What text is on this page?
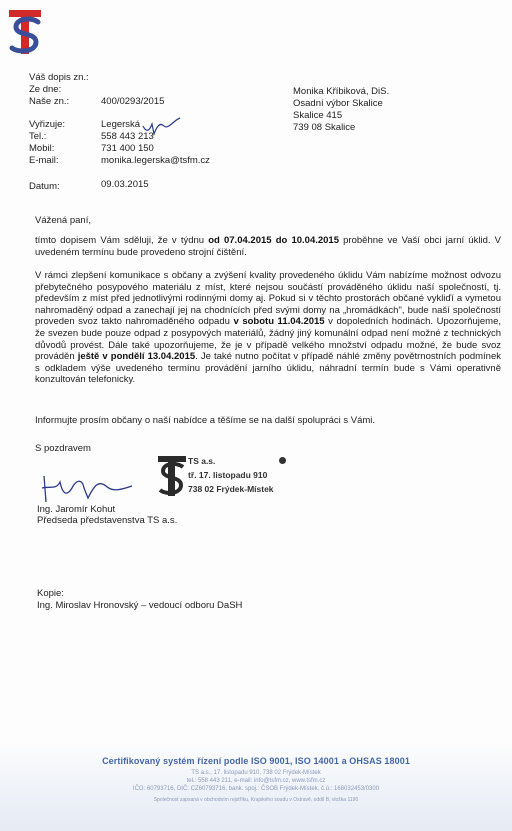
Váš dopis zn.:
Ze dne:
Naše zn.:	400/0293/2015
Vyřizuje:	Legerská
Tel.:	558 443 213
Mobil:	731 400 150
E-mail:	monika.legerska@tsfm.cz
Datum:	09.03.2015
Monika Kříbiková, DiS.
Osadní výbor Skalice
Skalice 415
739 08 Skalice
Vážená paní,
tímto dopisem Vám sděluji, že v týdnu od 07.04.2015 do 10.04.2015 proběhne ve Vaší obci jarní úklid. V uvedeném termínu bude provedeno strojní čištění.
V rámci zlepšení komunikace s občany a zvýšení kvality provedeného úklidu Vám nabízíme možnost odvozu přebytečného posypového materiálu z míst, které nejsou součástí prováděného úklidu naší společností, tj. především z míst před jednotlivými rodinnými domy aj. Pokud si v těchto prostorách občané vykliďí a vymetou nahromaděný odpad a zanechají jej na chodnících před svými domy na „hromádkách", bude naší společností proveden svoz takto nahromaděného odpadu v sobotu 11.04.2015 v dopoledních hodinách. Upozorňujeme, že svezen bude pouze odpad z posypových materiálů, žádný jiný komunální odpad není možné z technických důvodů provést. Dále také upozorňujeme, že je v případě velkého množství odpadu možné, že bude svoz prováděn ještě v pondělí 13.04.2015. Je také nutno počítat v případě náhlé změny povětrnostních podmínek s odkladem výše uvedeného termínu provádění jarního úklidu, náhradní termín bude s Vámi operativně konzultován telefonicky.
Informujte prosím občany o naší nabídce a těšíme se na další spolupráci s Vámi.
S pozdravem
Ing. Jaromír Kohut
Předseda představenstva TS a.s.
TS a.s.
tř. 17. listopadu 910
738 02 Frýdek-Místek
Kopie:
Ing. Miroslav Hronovský – vedoucí odboru DaSH
Certifikovaný systém řízení podle ISO 9001, ISO 14001 a OHSAS 18001
TS a.s., 17. listopadu 910, 738 02 Frýdek-Místek
tel.: 558 443 211, e-mail: info@tsfm.cz, www.tsfm.cz
IČO: 60793716, DIČ: CZ60793716, bank. spoj.: ČSOB Frýdek-Místek, č.ú.: 168032453/0300
Společnost zapsaná v obchodním rejstříku, Krajského soudu v Ostravě, oddíl B, vložka 1190
